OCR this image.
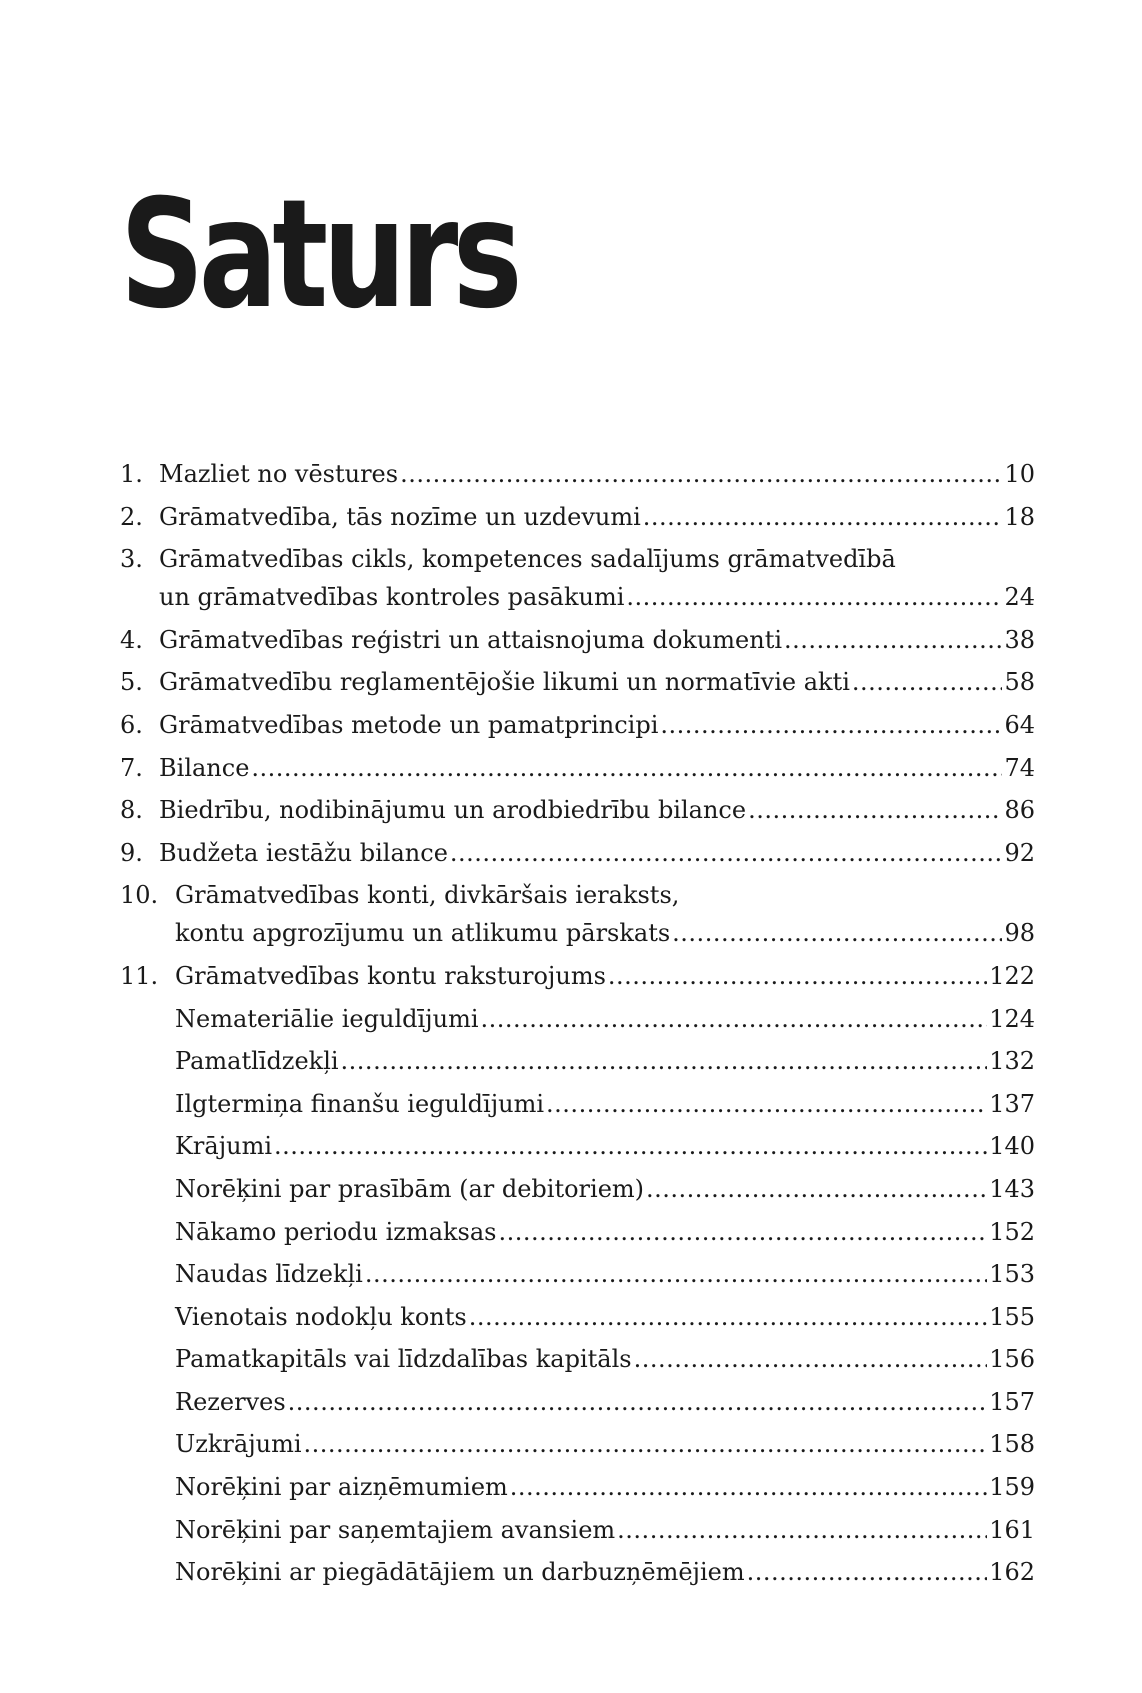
Saturs
1. Mazliet no vēstures .....	10
2. Grāmatvedība, tās nozīme un uzdevumi .....	18
3. Grāmatvedības cikls, kompetences sadalījums grāmatvedībā
un grāmatvedības kontroles pasākumi .....	24
4. Grāmatvedības reģistri un attaisnojuma dokumenti .....	38
5. Grāmatvedību reglamentējošie likumi un normatīvie akti .....	58
6. Grāmatvedības metode un pamatprincipi .....	64
7. Bilance .....	74
8. Biedrību, nodibinājumu un arodbiedrību bilance .....	86
9. Budžeta iestāžu bilance .....	92
10. Grāmatvedības konti, divkāršais ieraksts,
kontu apgrozījumu un atlikumu pārskats .....	98
11. Grāmatvedības kontu raksturojums .....	122
Nemateriālie ieguldījumi .....	124
Pamatlīdzekļi .....	132
Ilgtermiņa finanšu ieguldījumi .....	137
Krājumi .....	140
Norēķini par prasībām (ar debitoriem) .....	143
Nākamo periodu izmaksas .....	152
Naudas līdzekļi .....	153
Vienotais nodokļu konts .....	155
Pamatkapitāls vai līdzdalības kapitāls .....	156
Rezerves .....	157
Uzkrājumi .....	158
Norēķini par aizņēmumiem .....	159
Norēķini par saņemtajiem avansiem .....	161
Norēķini ar piegādātājiem un darbuzņēmējiem .....	162
